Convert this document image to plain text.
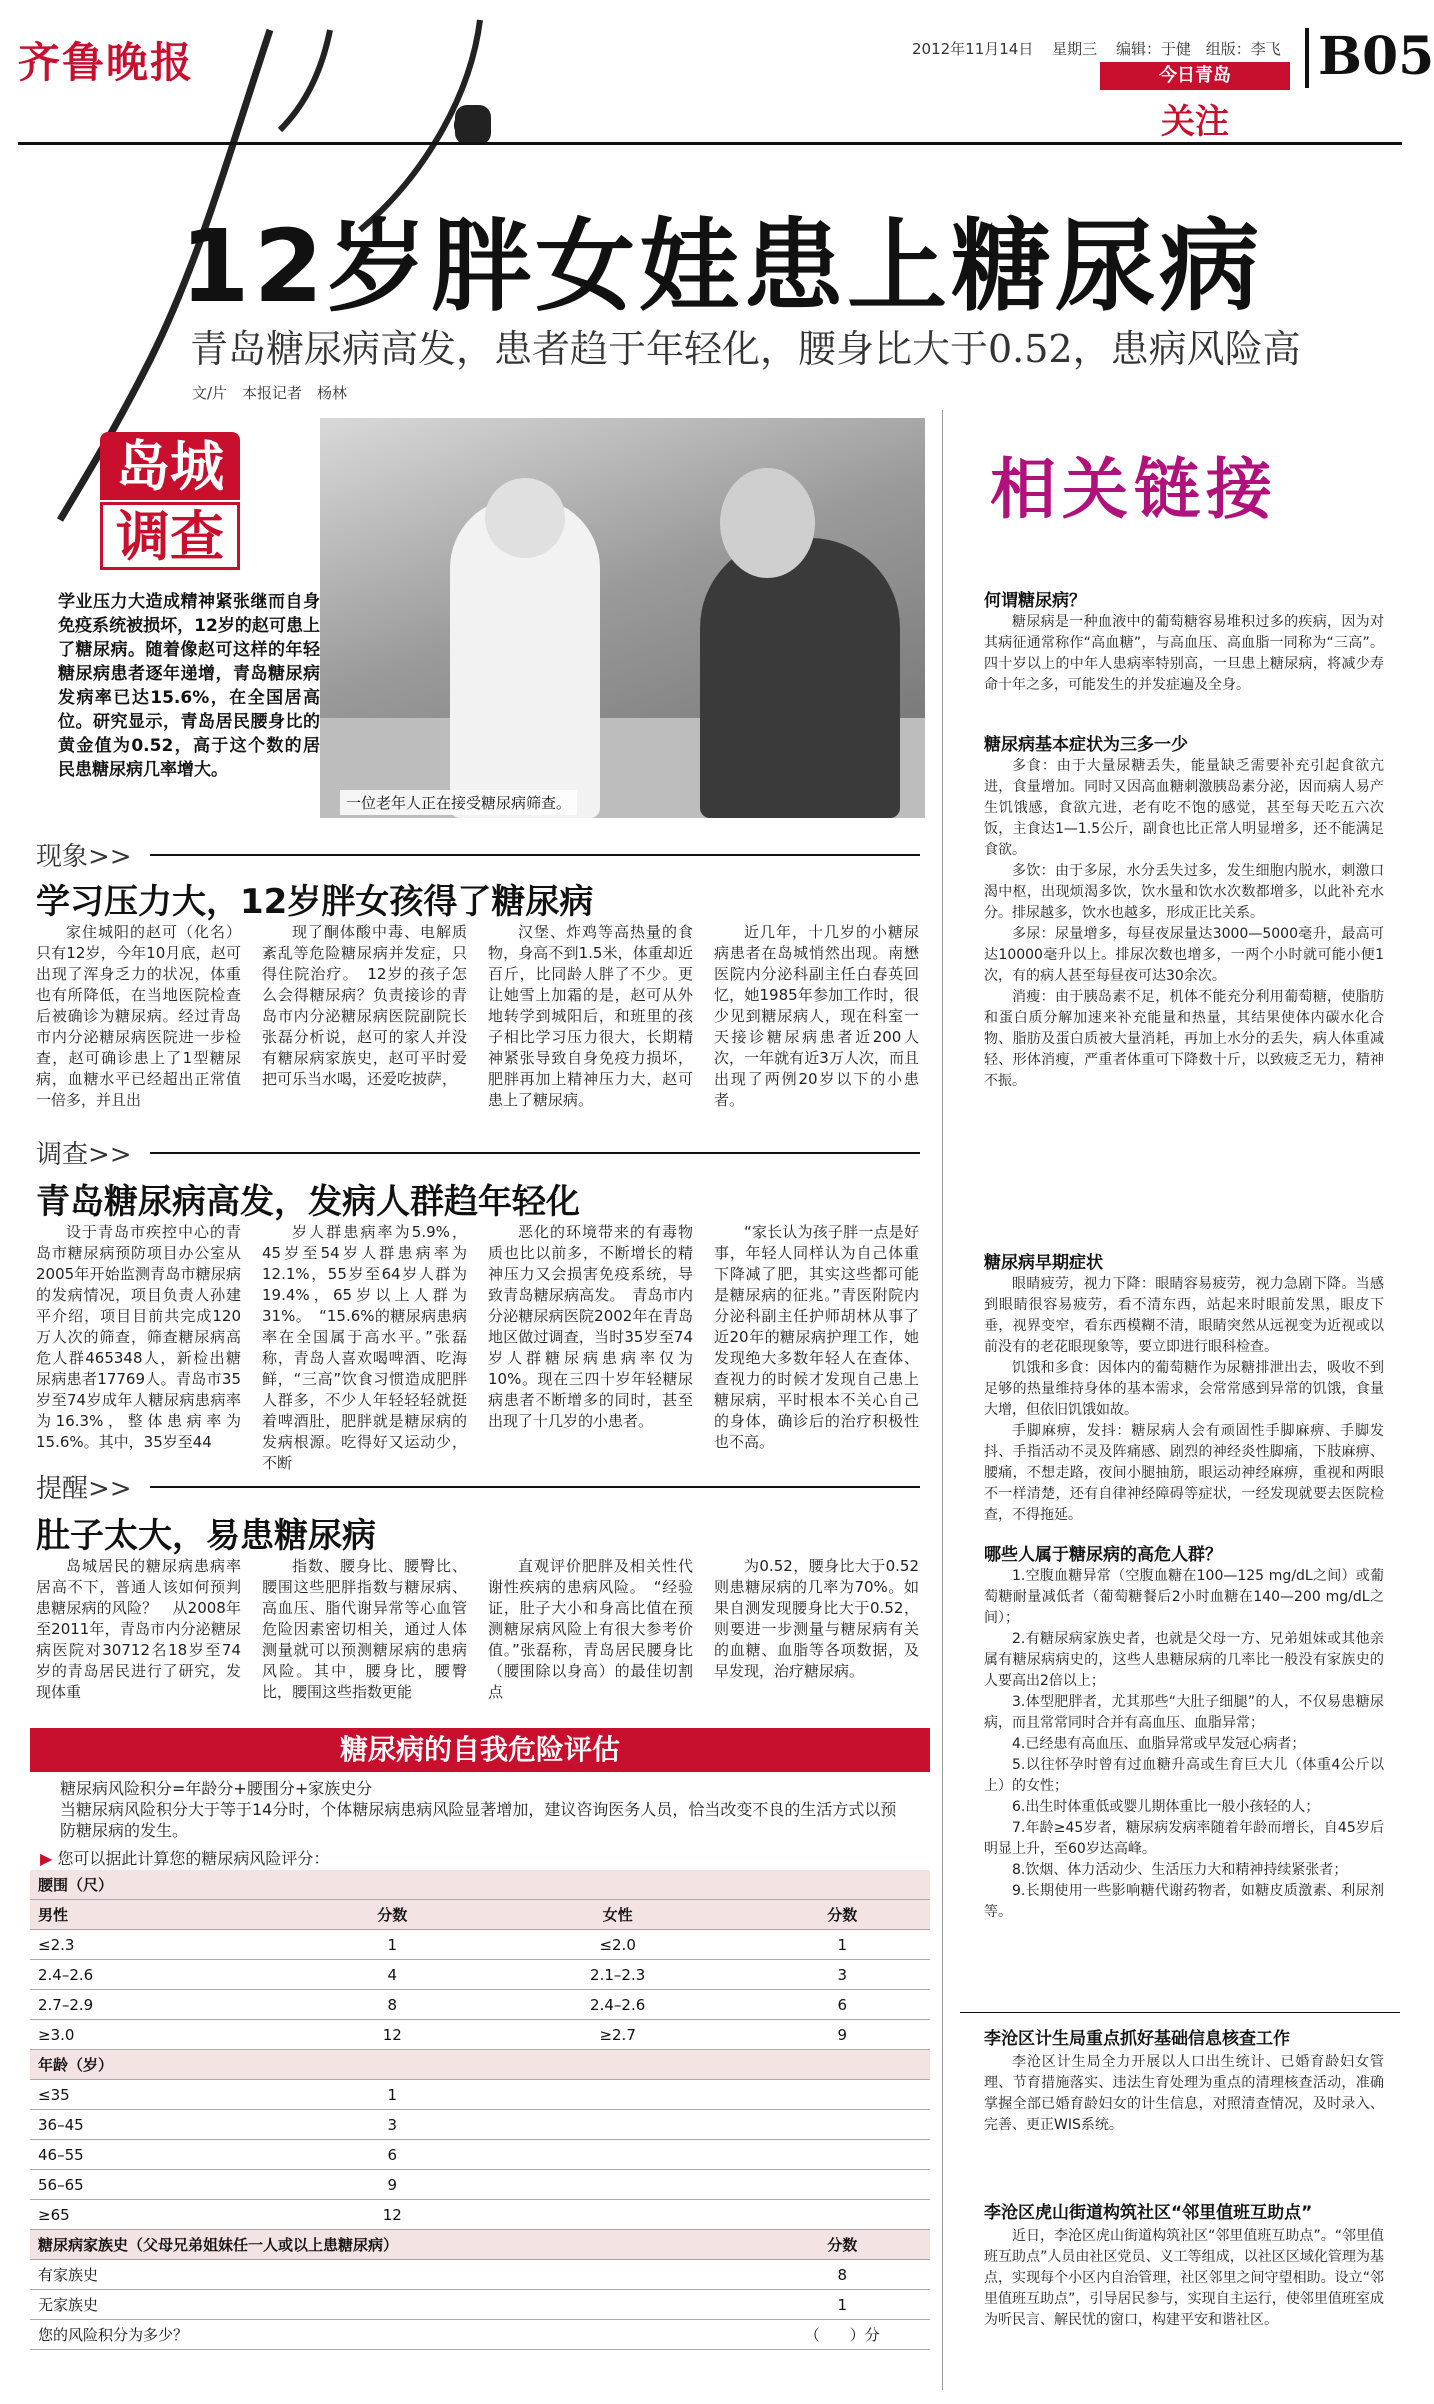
齐鲁晚报	2012年11月14日 星期三 编辑：于健 组版：李飞 B05
今日青岛
关注
12岁胖女娃患上糖尿病
青岛糖尿病高发，患者趋于年轻化，腰身比大于0.52，患病风险高
文/片　本报记者　杨林
岛城
调查
学业压力大造成精神紧张继而自身免疫系统被损坏，12岁的赵可患上了糖尿病。随着像赵可这样的年轻糖尿病患者逐年递增，青岛糖尿病发病率已达15.6%，在全国居高位。研究显示，青岛居民腰身比的黄金值为0.52，高于这个数的居民患糖尿病几率增大。
一位老年人正在接受糖尿病筛查。
现象>>
学习压力大，12岁胖女孩得了糖尿病

家住城阳的赵可（化名）只有12岁，今年10月底，赵可出现了浑身乏力的状况，体重也有所降低，在当地医院检查后被确诊为糖尿病。经过青岛市内分泌糖尿病医院进一步检查，赵可确诊患上了1型糖尿病，血糖水平已经超出正常值一倍多，并且出

现了酮体酸中毒、电解质紊乱等危险糖尿病并发症，只得住院治疗。　12岁的孩子怎么会得糖尿病？负责接诊的青岛市内分泌糖尿病医院副院长张磊分析说，赵可的家人并没有糖尿病家族史，赵可平时爱把可乐当水喝，还爱吃披萨，

汉堡、炸鸡等高热量的食物，身高不到1.5米，体重却近百斤，比同龄人胖了不少。更让她雪上加霜的是，赵可从外地转学到城阳后，和班里的孩子相比学习压力很大，长期精神紧张导致自身免疫力损坏，肥胖再加上精神压力大，赵可患上了糖尿病。

近几年，十几岁的小糖尿病患者在岛城悄然出现。南懋医院内分泌科副主任白春英回忆，她1985年参加工作时，很少见到糖尿病人，现在科室一天接诊糖尿病患者近200人次，一年就有近3万人次，而且出现了两例20岁以下的小患者。

调查>>
青岛糖尿病高发，发病人群趋年轻化

设于青岛市疾控中心的青岛市糖尿病预防项目办公室从2005年开始监测青岛市糖尿病的发病情况，项目负责人孙建平介绍，项目目前共完成120万人次的筛查，筛查糖尿病高危人群465348人，新检出糖尿病患者17769人。青岛市35岁至74岁成年人糖尿病患病率为16.3%，整体患病率为15.6%。其中，35岁至44

岁人群患病率为5.9%，45岁至54岁人群患病率为12.1%，55岁至64岁人群为19.4%，65岁以上人群为31%。　“15.6%的糖尿病患病率在全国属于高水平。”张磊称，青岛人喜欢喝啤酒、吃海鲜，“三高”饮食习惯造成肥胖人群多，不少人年轻轻轻就挺着啤酒肚，肥胖就是糖尿病的发病根源。吃得好又运动少，不断

恶化的环境带来的有毒物质也比以前多，不断增长的精神压力又会损害免疫系统，导致青岛糖尿病高发。　青岛市内分泌糖尿病医院2002年在青岛地区做过调查，当时35岁至74岁人群糖尿病患病率仅为10%。现在三四十岁年轻糖尿病患者不断增多的同时，甚至出现了十几岁的小患者。

“家长认为孩子胖一点是好事，年轻人同样认为自己体重下降减了肥，其实这些都可能是糖尿病的征兆。”青医附院内分泌科副主任护师胡林从事了近20年的糖尿病护理工作，她发现绝大多数年轻人在查体、查视力的时候才发现自己患上糖尿病，平时根本不关心自己的身体，确诊后的治疗积极性也不高。

提醒>>
肚子太大，易患糖尿病

岛城居民的糖尿病患病率居高不下，普通人该如何预判患糖尿病的风险？　从2008年至2011年，青岛市内分泌糖尿病医院对30712名18岁至74岁的青岛居民进行了研究，发现体重

指数、腰身比、腰臀比、腰围这些肥胖指数与糖尿病、高血压、脂代谢异常等心血管危险因素密切相关，通过人体测量就可以预测糖尿病的患病风险。其中，腰身比，腰臀比，腰围这些指数更能

直观评价肥胖及相关性代谢性疾病的患病风险。　“经验证，肚子大小和身高比值在预测糖尿病风险上有很大参考价值。”张磊称，青岛居民腰身比（腰围除以身高）的最佳切割点

为0.52，腰身比大于0.52则患糖尿病的几率为70%。如果自测发现腰身比大于0.52，则要进一步测量与糖尿病有关的血糖、血脂等各项数据，及早发现，治疗糖尿病。

糖尿病的自我危险评估
糖尿病风险积分=年龄分+腰围分+家族史分
当糖尿病风险积分大于等于14分时，个体糖尿病患病风险显著增加，建议咨询医务人员，恰当改变不良的生活方式以预防糖尿病的发生。
▶ 您可以据此计算您的糖尿病风险评分：
腰围（尺）			
男性	分数	女性	分数
≤2.3	1	≤2.0	1
2.4–2.6	4	2.1–2.3	3
2.7–2.9	8	2.4–2.6	6
≥3.0	12	≥2.7	9
年龄（岁）			
≤35	1		
36–45	3		
46–55	6		
56–65	9		
≥65	12		
糖尿病家族史（父母兄弟姐妹任一人或以上患糖尿病）			分数
有家族史			8
无家族史			1
您的风险积分为多少？			（　　）分
相关链接
何谓糖尿病？

糖尿病是一种血液中的葡萄糖容易堆积过多的疾病，因为对其病征通常称作“高血糖”，与高血压、高血脂一同称为“三高”。四十岁以上的中年人患病率特别高，一旦患上糖尿病，将减少寿命十年之多，可能发生的并发症遍及全身。

糖尿病基本症状为三多一少

多食：由于大量尿糖丢失，能量缺乏需要补充引起食欲亢进，食量增加。同时又因高血糖刺激胰岛素分泌，因而病人易产生饥饿感，食欲亢进，老有吃不饱的感觉，甚至每天吃五六次饭，主食达1—1.5公斤，副食也比正常人明显增多，还不能满足食欲。

多饮：由于多尿，水分丢失过多，发生细胞内脱水，刺激口渴中枢，出现烦渴多饮，饮水量和饮水次数都增多，以此补充水分。排尿越多，饮水也越多，形成正比关系。

多尿：尿量增多，每昼夜尿量达3000—5000毫升，最高可达10000毫升以上。排尿次数也增多，一两个小时就可能小便1次，有的病人甚至每昼夜可达30余次。

消瘦：由于胰岛素不足，机体不能充分利用葡萄糖，使脂肪和蛋白质分解加速来补充能量和热量，其结果使体内碳水化合物、脂肪及蛋白质被大量消耗，再加上水分的丢失，病人体重减轻、形体消瘦，严重者体重可下降数十斤，以致疲乏无力，精神不振。

糖尿病早期症状

眼睛疲劳，视力下降：眼睛容易疲劳，视力急剧下降。当感到眼睛很容易疲劳，看不清东西，站起来时眼前发黑，眼皮下垂，视界变窄，看东西模糊不清，眼睛突然从远视变为近视或以前没有的老花眼现象等，要立即进行眼科检查。

饥饿和多食：因体内的葡萄糖作为尿糖排泄出去，吸收不到足够的热量维持身体的基本需求，会常常感到异常的饥饿，食量大增，但依旧饥饿如故。

手脚麻痹，发抖：糖尿病人会有顽固性手脚麻痹、手脚发抖、手指活动不灵及阵痛感、剧烈的神经炎性脚痛，下肢麻痹、腰痛，不想走路，夜间小腿抽筋，眼运动神经麻痹，重视和两眼不一样清楚，还有自律神经障碍等症状，一经发现就要去医院检查，不得拖延。

哪些人属于糖尿病的高危人群？

1.空腹血糖异常（空腹血糖在100—125 mg/dL之间）或葡萄糖耐量减低者（葡萄糖餐后2小时血糖在140—200 mg/dL之间）；

2.有糖尿病家族史者，也就是父母一方、兄弟姐妹或其他亲属有糖尿病病史的，这些人患糖尿病的几率比一般没有家族史的人要高出2倍以上；

3.体型肥胖者，尤其那些“大肚子细腿”的人，不仅易患糖尿病，而且常常同时合并有高血压、血脂异常；

4.已经患有高血压、血脂异常或早发冠心病者；

5.以往怀孕时曾有过血糖升高或生育巨大儿（体重4公斤以上）的女性；

6.出生时体重低或婴儿期体重比一般小孩轻的人；

7.年龄≥45岁者，糖尿病发病率随着年龄而增长，自45岁后明显上升，至60岁达高峰。

8.饮烟、体力活动少、生活压力大和精神持续紧张者；

9.长期使用一些影响糖代谢药物者，如糖皮质激素、利尿剂等。

李沧区计生局重点抓好基础信息核查工作

李沧区计生局全力开展以人口出生统计、已婚育龄妇女管理、节育措施落实、违法生育处理为重点的清理核查活动，准确掌握全部已婚育龄妇女的计生信息，对照清查情况，及时录入、完善、更正WIS系统。

李沧区虎山街道构筑社区“邻里值班互助点”

近日，李沧区虎山街道构筑社区“邻里值班互助点”。“邻里值班互助点”人员由社区党员、义工等组成，以社区区域化管理为基点，实现每个小区内自治管理，社区邻里之间守望相助。设立“邻里值班互助点”，引导居民参与，实现自主运行，使邻里值班室成为听民言、解民忧的窗口，构建平安和谐社区。
